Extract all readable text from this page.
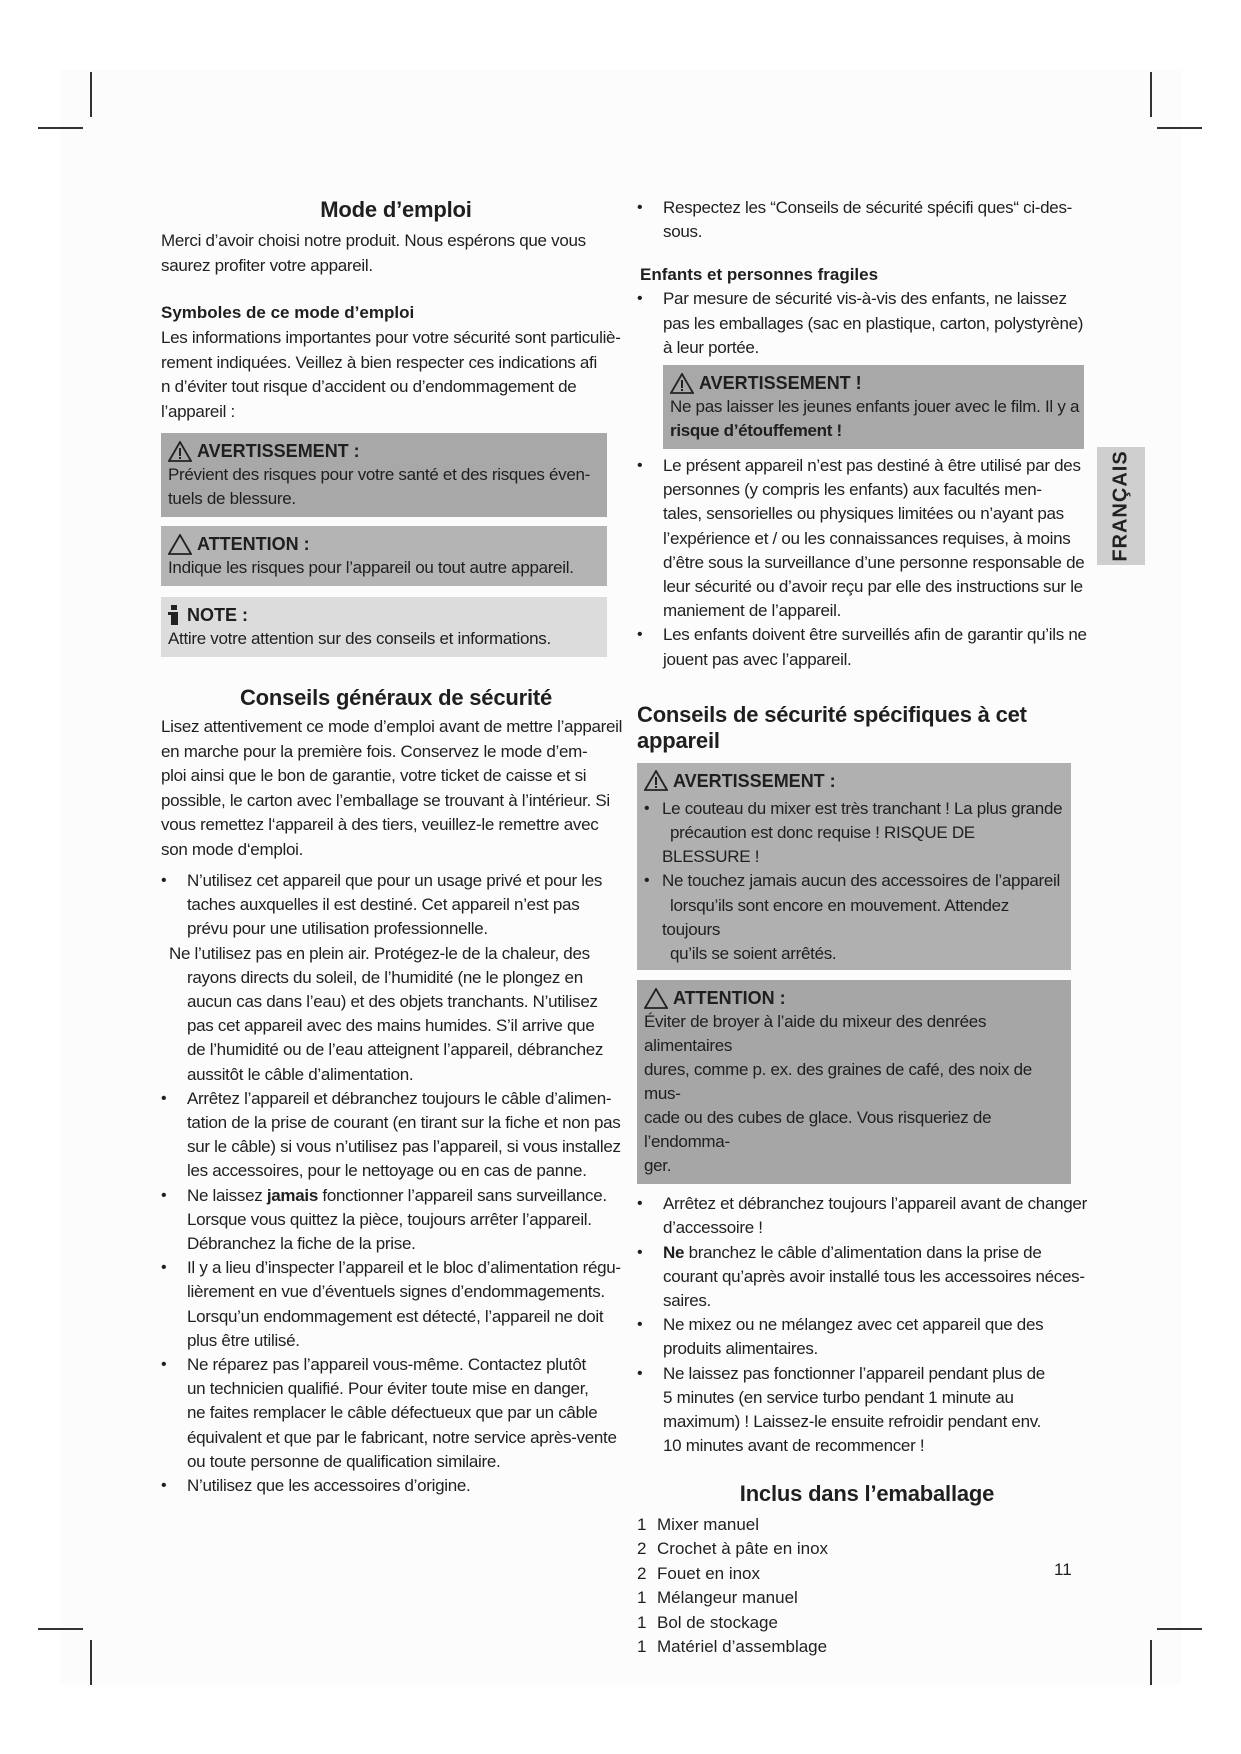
Mode d’emploi

Merci d’avoir choisi notre produit. Nous espérons que vous
saurez profiter votre appareil.

Symboles de ce mode d’emploi

Les informations importantes pour votre sécurité sont particuliè-
rement indiquées. Veillez à bien respecter ces indications afi
n d’éviter tout risque d’accident ou d’endommagement de
l’appareil :

AVERTISSEMENT :
Prévient des risques pour votre santé et des risques éven-
tuels de blessure.
ATTENTION :
Indique les risques pour l’appareil ou tout autre appareil.
NOTE :
Attire votre attention sur des conseils et informations.
Conseils généraux de sécurité

Lisez attentivement ce mode d’emploi avant de mettre l’appareil
en marche pour la première fois. Conservez le mode d’em-
ploi ainsi que le bon de garantie, votre ticket de caisse et si
possible, le carton avec l’emballage se trouvant à l’intérieur. Si
vous remettez l‘appareil à des tiers, veuillez-le remettre avec
son mode d‘emploi.

• N’utilisez cet appareil que pour un usage privé et pour les
taches auxquelles il est destiné. Cet appareil n’est pas
prévu pour une utilisation professionnelle.

Ne l’utilisez pas en plein air. Protégez-le de la chaleur, des
rayons directs du soleil, de l’humidité (ne le plongez en
aucun cas dans l’eau) et des objets tranchants. N’utilisez
pas cet appareil avec des mains humides. S’il arrive que
de l’humidité ou de l’eau atteignent l’appareil, débranchez
aussitôt le câble d’alimentation.

• Arrêtez l’appareil et débranchez toujours le câble d’alimen-
tation de la prise de courant (en tirant sur la fiche et non pas
sur le câble) si vous n’utilisez pas l’appareil, si vous installez
les accessoires, pour le nettoyage ou en cas de panne.
• Ne laissez jamais fonctionner l’appareil sans surveillance.
Lorsque vous quittez la pièce, toujours arrêter l’appareil.
Débranchez la fiche de la prise.
• Il y a lieu d’inspecter l’appareil et le bloc d’alimentation régu-
lièrement en vue d’éventuels signes d’endommagements.
Lorsqu’un endommagement est détecté, l’appareil ne doit
plus être utilisé.
• Ne réparez pas l’appareil vous-même. Contactez plutôt
un technicien qualifié. Pour éviter toute mise en danger,
ne faites remplacer le câble défectueux que par un câble
équivalent et que par le fabricant, notre service après-vente
ou toute personne de qualification similaire.
• N’utilisez que les accessoires d’origine.
• Respectez les “Conseils de sécurité spécifi ques“ ci-des-
sous.
Enfants et personnes fragiles
• Par mesure de sécurité vis-à-vis des enfants, ne laissez
pas les emballages (sac en plastique, carton, polystyrène)
à leur portée.
AVERTISSEMENT !
Ne pas laisser les jeunes enfants jouer avec le film. Il y a
risque d’étouffement !
• Le présent appareil n’est pas destiné à être utilisé par des
personnes (y compris les enfants) aux facultés men-
tales, sensorielles ou physiques limitées ou n’ayant pas
l’expérience et / ou les connaissances requises, à moins
d’être sous la surveillance d’une personne responsable de
leur sécurité ou d’avoir reçu par elle des instructions sur le
maniement de l’appareil.
• Les enfants doivent être surveillés afin de garantir qu’ils ne
jouent pas avec l’appareil.
Conseils de sécurité spécifiques à cet appareil
AVERTISSEMENT :
• Le couteau du mixer est très tranchant ! La plus grande
précaution est donc requise ! RISQUE DE BLESSURE !
• Ne touchez jamais aucun des accessoires de l’appareil
lorsqu’ils sont encore en mouvement. Attendez toujours
qu’ils se soient arrêtés.
ATTENTION :
Éviter de broyer à l’aide du mixeur des denrées alimentaires
dures, comme p. ex. des graines de café, des noix de mus-
cade ou des cubes de glace. Vous risqueriez de l’endomma-
ger.
• Arrêtez et débranchez toujours l’appareil avant de changer
d’accessoire !
• Ne branchez le câble d’alimentation dans la prise de
courant qu’après avoir installé tous les accessoires néces-
saires.
• Ne mixez ou ne mélangez avec cet appareil que des
produits alimentaires.
• Ne laissez pas fonctionner l’appareil pendant plus de
5 minutes (en service turbo pendant 1 minute au
maximum) ! Laissez-le ensuite refroidir pendant env.
10 minutes avant de recommencer !
Inclus dans l’emaballage
1 Mixer manuel
2 Crochet à pâte en inox
2 Fouet en inox
1 Mélangeur manuel
1 Bol de stockage
1 Matériel d’assemblage
FRANÇAIS
11
